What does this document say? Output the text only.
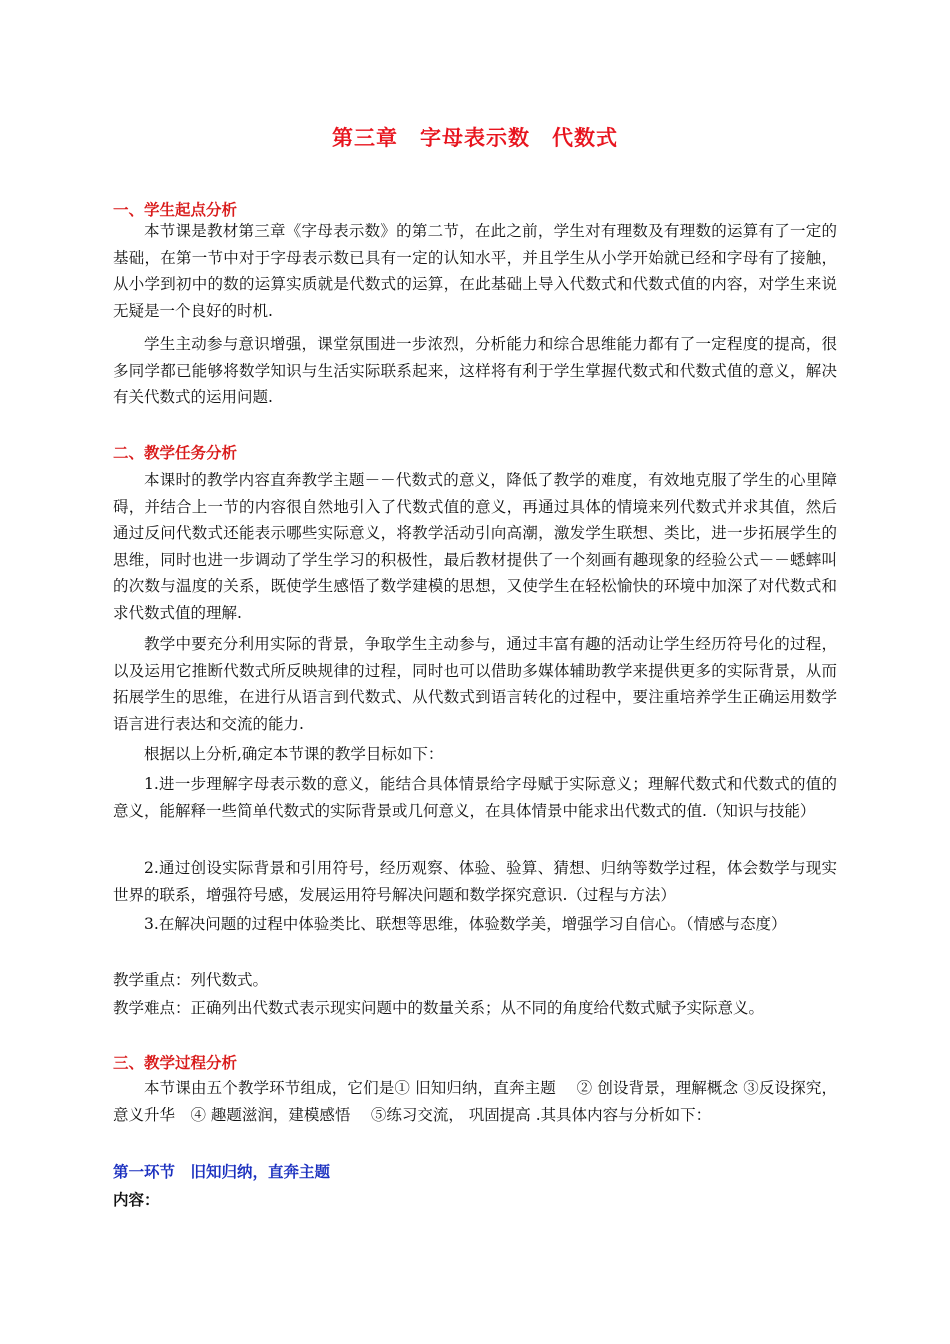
第三章　字母表示数　代数式
一、学生起点分析
本节课是教材第三章《字母表示数》的第二节，在此之前，学生对有理数及有理数的运算有了一定的基础，在第一节中对于字母表示数已具有一定的认知水平，并且学生从小学开始就已经和字母有了接触，从小学到初中的数的运算实质就是代数式的运算，在此基础上导入代数式和代数式值的内容，对学生来说无疑是一个良好的时机.
学生主动参与意识增强，课堂氛围进一步浓烈，分析能力和综合思维能力都有了一定程度的提高，很多同学都已能够将数学知识与生活实际联系起来，这样将有利于学生掌握代数式和代数式值的意义，解决有关代数式的运用问题.
二、教学任务分析
本课时的教学内容直奔教学主题－－代数式的意义，降低了教学的难度，有效地克服了学生的心里障碍，并结合上一节的内容很自然地引入了代数式值的意义，再通过具体的情境来列代数式并求其值，然后通过反问代数式还能表示哪些实际意义，将教学活动引向高潮，激发学生联想、类比，进一步拓展学生的思维，同时也进一步调动了学生学习的积极性，最后教材提供了一个刻画有趣现象的经验公式－－蟋蟀叫的次数与温度的关系，既使学生感悟了数学建模的思想，又使学生在轻松愉快的环境中加深了对代数式和求代数式值的理解.
教学中要充分利用实际的背景，争取学生主动参与，通过丰富有趣的活动让学生经历符号化的过程，以及运用它推断代数式所反映规律的过程，同时也可以借助多媒体辅助教学来提供更多的实际背景，从而拓展学生的思维，在进行从语言到代数式、从代数式到语言转化的过程中，要注重培养学生正确运用数学语言进行表达和交流的能力.
根据以上分析,确定本节课的教学目标如下：
1.进一步理解字母表示数的意义，能结合具体情景给字母赋于实际意义；理解代数式和代数式的值的意义，能解释一些简单代数式的实际背景或几何意义，在具体情景中能求出代数式的值.（知识与技能）
2.通过创设实际背景和引用符号，经历观察、体验、验算、猜想、归纳等数学过程，体会数学与现实世界的联系，增强符号感，发展运用符号解决问题和数学探究意识.（过程与方法）
3.在解决问题的过程中体验类比、联想等思维，体验数学美，增强学习自信心。（情感与态度）
教学重点：列代数式。
教学难点：正确列出代数式表示现实问题中的数量关系；从不同的角度给代数式赋予实际意义。
三、教学过程分析
本节课由五个教学环节组成，它们是① 旧知归纳，直奔主题　 ② 创设背景，理解概念 ③反设探究，意义升华　④ 趣题滋润，建模感悟　 ⑤练习交流， 巩固提高 .其具体内容与分析如下：
第一环节　旧知归纳，直奔主题
内容：
